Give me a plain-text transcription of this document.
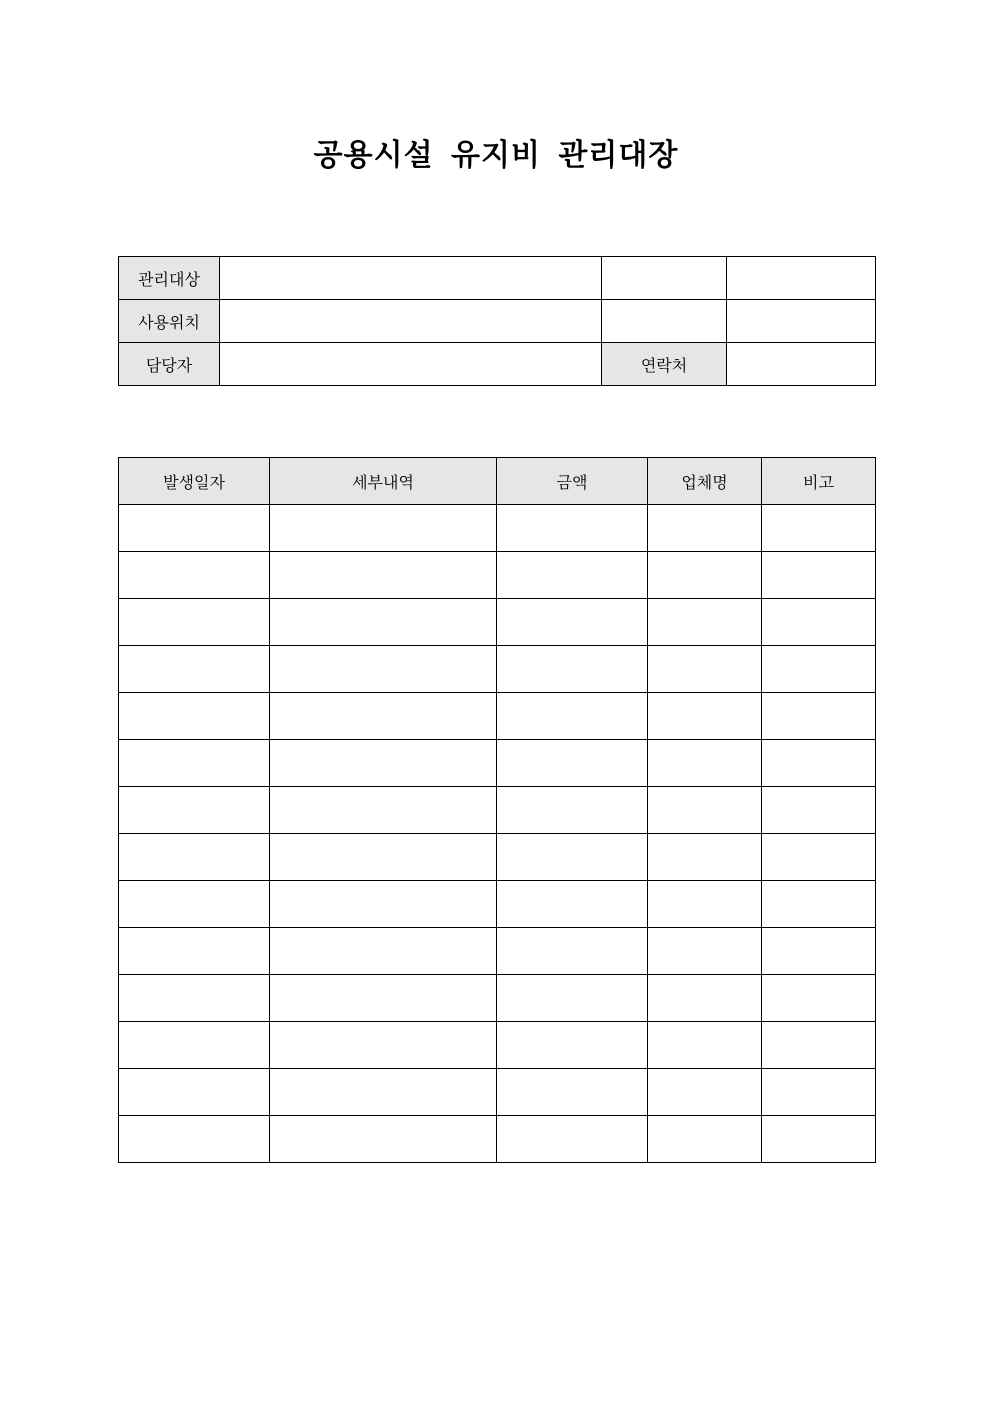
공용시설 유지비 관리대장
관리대상			
사용위치			
담당자		연락처	
발생일자	세부내역	금액	업체명	비고
